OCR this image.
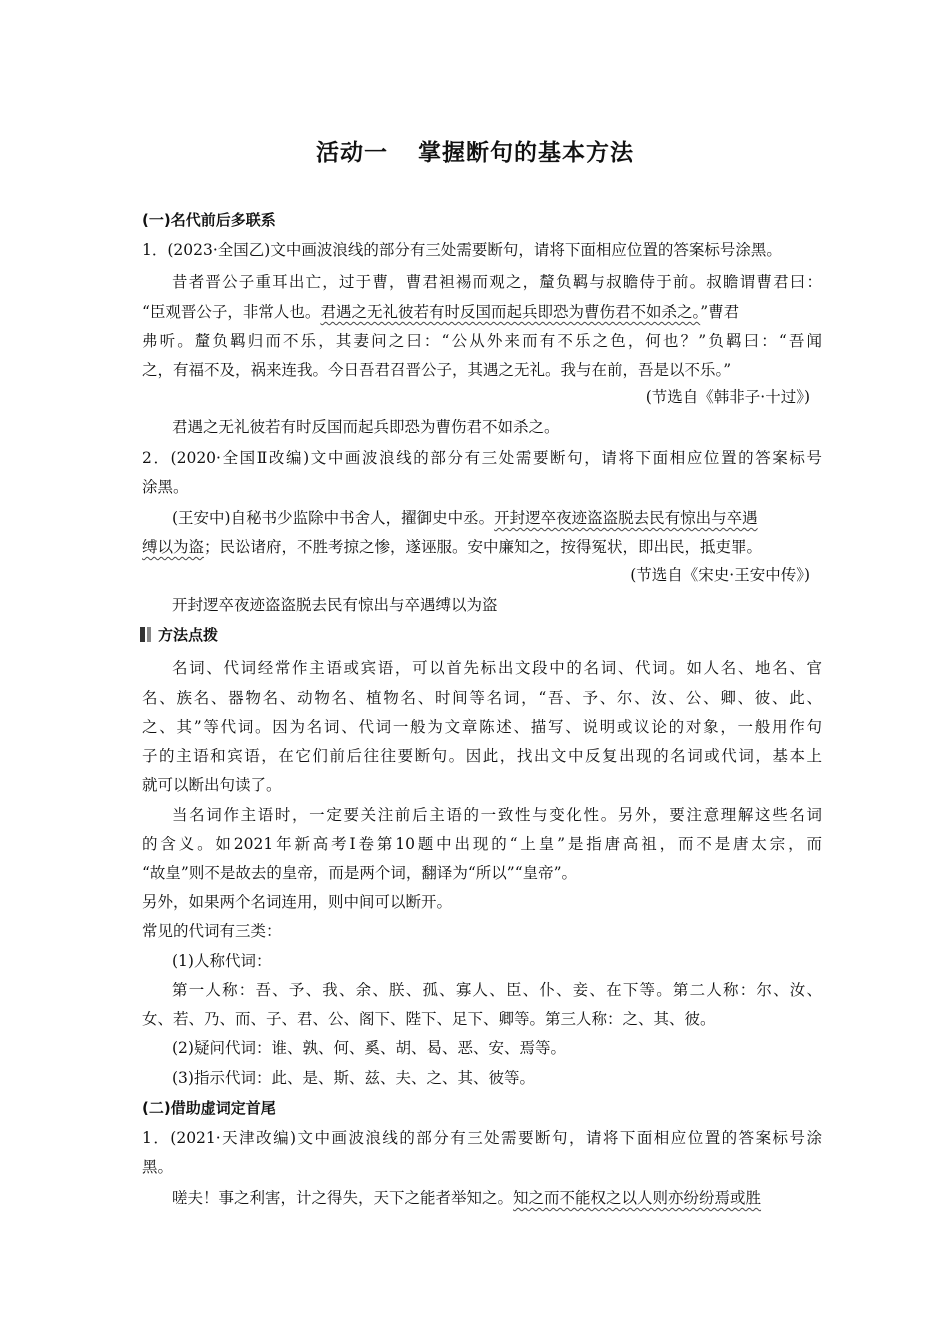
活动一 掌握断句的基本方法
(一)名代前后多联系
1．(2023·全国乙)文中画波浪线的部分有三处需要断句，请将下面相应位置的答案标号涂黑。
昔者晋公子重耳出亡，过于曹，曹君袒裼而观之，釐负羁与叔瞻侍于前。叔瞻谓曹君曰：
“臣观晋公子，非常人也。君遇之无礼彼若有时反国而起兵即恐为曹伤君不如杀之。”曹君
弗听。釐负羁归而不乐，其妻问之曰：“公从外来而有不乐之色，何也？”负羁曰：“吾闻
之，有福不及，祸来连我。今日吾君召晋公子，其遇之无礼。我与在前，吾是以不乐。”
(节选自《韩非子·十过》)
君遇之无礼彼若有时反国而起兵即恐为曹伤君不如杀之。
2．(2020·全国Ⅱ改编)文中画波浪线的部分有三处需要断句，请将下面相应位置的答案标号
涂黑。
(王安中)自秘书少监除中书舍人，擢御史中丞。开封逻卒夜迹盗盗脱去民有惊出与卒遇
缚以为盗；民讼诸府，不胜考掠之惨，遂诬服。安中廉知之，按得冤状，即出民，抵吏罪。
(节选自《宋史·王安中传》)
开封逻卒夜迹盗盗脱去民有惊出与卒遇缚以为盗
方法点拨
名词、代词经常作主语或宾语，可以首先标出文段中的名词、代词。如人名、地名、官
名、族名、器物名、动物名、植物名、时间等名词，“吾、予、尔、汝、公、卿、彼、此、
之、其”等代词。因为名词、代词一般为文章陈述、描写、说明或议论的对象，一般用作句
子的主语和宾语，在它们前后往往要断句。因此，找出文中反复出现的名词或代词，基本上
就可以断出句读了。
当名词作主语时，一定要关注前后主语的一致性与变化性。另外，要注意理解这些名词
的含义。如2021年新高考Ⅰ卷第10题中出现的“上皇”是指唐高祖，而不是唐太宗，而
“故皇”则不是故去的皇帝，而是两个词，翻译为“所以”“皇帝”。
另外，如果两个名词连用，则中间可以断开。
常见的代词有三类：
(1)人称代词：
第一人称：吾、予、我、余、朕、孤、寡人、臣、仆、妾、在下等。第二人称：尔、汝、
女、若、乃、而、子、君、公、阁下、陛下、足下、卿等。第三人称：之、其、彼。
(2)疑问代词：谁、孰、何、奚、胡、曷、恶、安、焉等。
(3)指示代词：此、是、斯、兹、夫、之、其、彼等。
(二)借助虚词定首尾
1．(2021·天津改编)文中画波浪线的部分有三处需要断句，请将下面相应位置的答案标号涂
黑。
嗟夫！事之利害，计之得失，天下之能者举知之。知之而不能权之以人则亦纷纷焉或胜
